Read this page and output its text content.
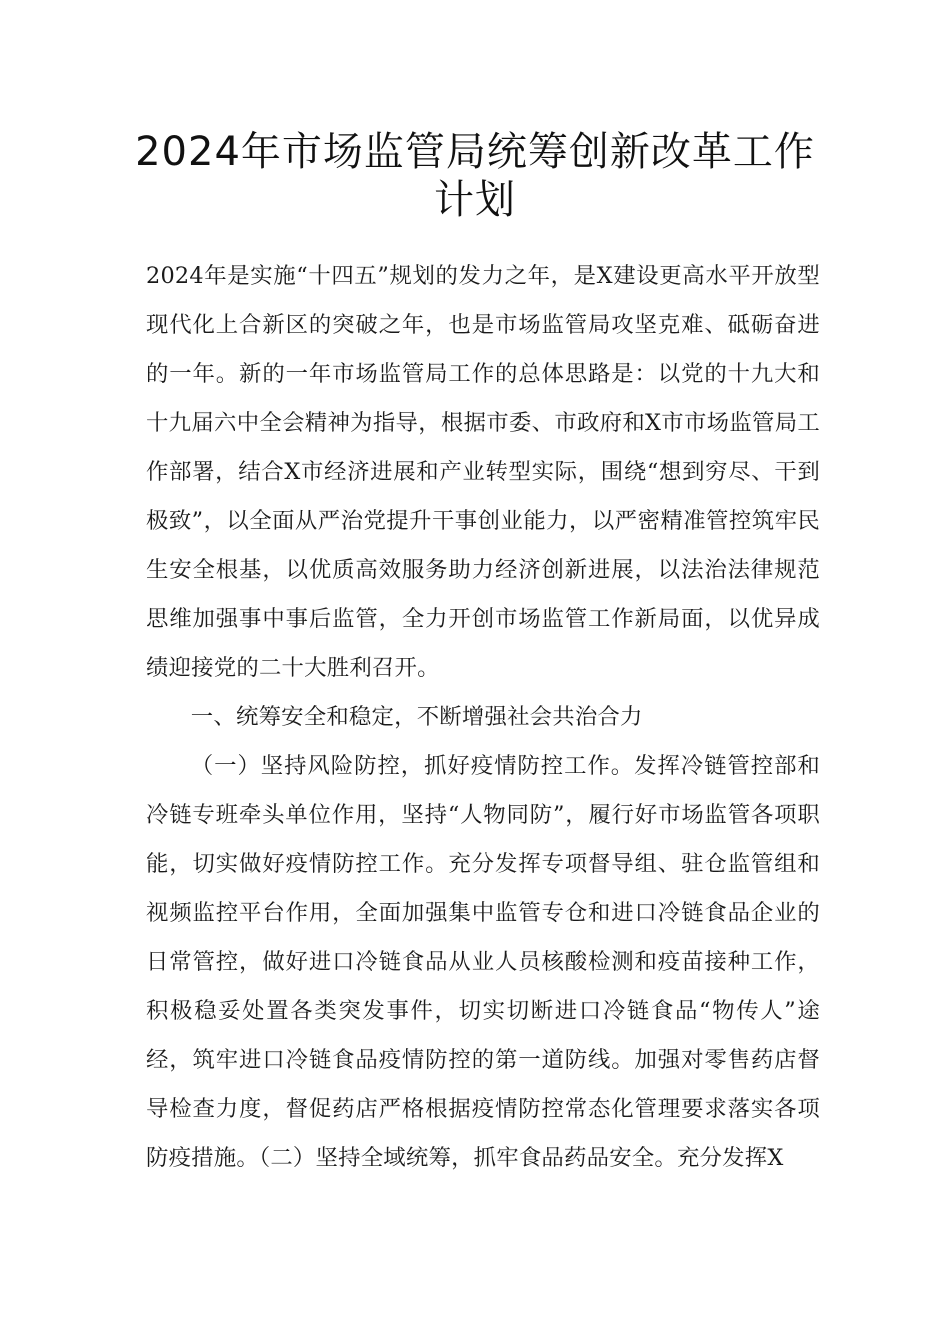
2024年市场监管局统筹创新改革工作计划

2024年是实施“十四五”规划的发力之年，是X建设更高水平开放型现代化上合新区的突破之年，也是市场监管局攻坚克难、砥砺奋进的一年。新的一年市场监管局工作的总体思路是：以党的十九大和十九届六中全会精神为指导，根据市委、市政府和X市市场监管局工作部署，结合X市经济进展和产业转型实际，围绕“想到穷尽、干到极致”，以全面从严治党提升干事创业能力，以严密精准管控筑牢民生安全根基，以优质高效服务助力经济创新进展，以法治法律规范思维加强事中事后监管，全力开创市场监管工作新局面，以优异成绩迎接党的二十大胜利召开。

一、统筹安全和稳定，不断增强社会共治合力

（一）坚持风险防控，抓好疫情防控工作。发挥冷链管控部和冷链专班牵头单位作用，坚持“人物同防”，履行好市场监管各项职能，切实做好疫情防控工作。充分发挥专项督导组、驻仓监管组和视频监控平台作用，全面加强集中监管专仓和进口冷链食品企业的日常管控，做好进口冷链食品从业人员核酸检测和疫苗接种工作，积极稳妥处置各类突发事件，切实切断进口冷链食品“物传人”途经，筑牢进口冷链食品疫情防控的第一道防线。加强对零售药店督导检查力度，督促药店严格根据疫情防控常态化管理要求落实各项防疫措施。（二）坚持全域统筹，抓牢食品药品安全。充分发挥X
